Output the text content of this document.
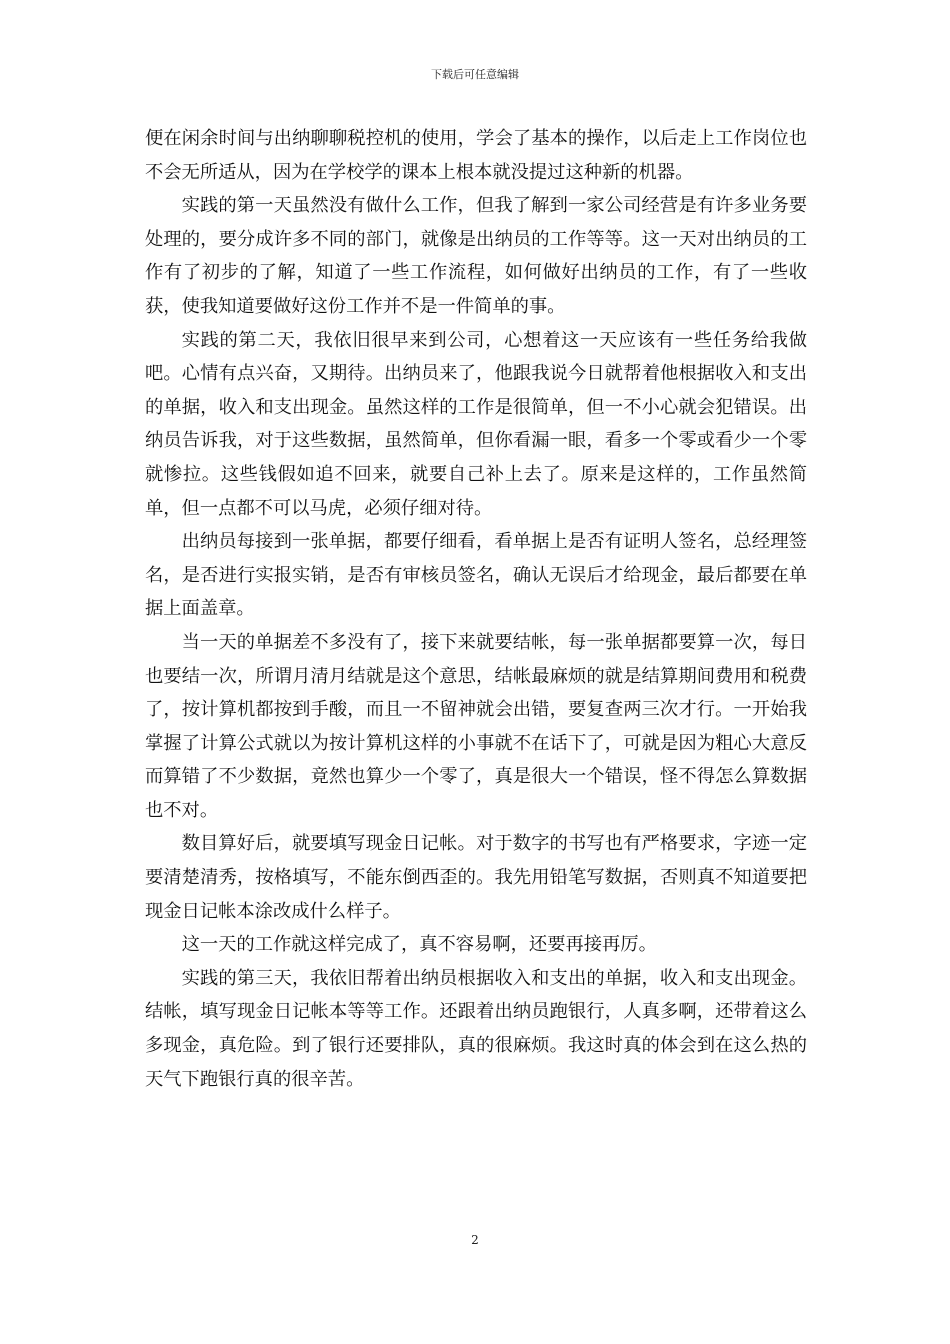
下载后可任意编辑

便在闲余时间与出纳聊聊税控机的使用，学会了基本的操作，以后走上工作岗位也不会无所适从，因为在学校学的课本上根本就没提过这种新的机器。

实践的第一天虽然没有做什么工作，但我了解到一家公司经营是有许多业务要处理的，要分成许多不同的部门，就像是出纳员的工作等等。这一天对出纳员的工作有了初步的了解，知道了一些工作流程，如何做好出纳员的工作，有了一些收获，使我知道要做好这份工作并不是一件简单的事。

实践的第二天，我依旧很早来到公司，心想着这一天应该有一些任务给我做吧。心情有点兴奋，又期待。出纳员来了，他跟我说今日就帮着他根据收入和支出的单据，收入和支出现金。虽然这样的工作是很简单，但一不小心就会犯错误。出纳员告诉我，对于这些数据，虽然简单，但你看漏一眼，看多一个零或看少一个零就惨拉。这些钱假如追不回来，就要自己补上去了。原来是这样的，工作虽然简单，但一点都不可以马虎，必须仔细对待。

出纳员每接到一张单据，都要仔细看，看单据上是否有证明人签名，总经理签名，是否进行实报实销，是否有审核员签名，确认无误后才给现金，最后都要在单据上面盖章。

当一天的单据差不多没有了，接下来就要结帐，每一张单据都要算一次，每日也要结一次，所谓月清月结就是这个意思，结帐最麻烦的就是结算期间费用和税费了，按计算机都按到手酸，而且一不留神就会出错，要复查两三次才行。一开始我掌握了计算公式就以为按计算机这样的小事就不在话下了，可就是因为粗心大意反而算错了不少数据，竟然也算少一个零了，真是很大一个错误，怪不得怎么算数据也不对。

数目算好后，就要填写现金日记帐。对于数字的书写也有严格要求，字迹一定要清楚清秀，按格填写，不能东倒西歪的。我先用铅笔写数据，否则真不知道要把现金日记帐本涂改成什么样子。

这一天的工作就这样完成了，真不容易啊，还要再接再厉。

实践的第三天，我依旧帮着出纳员根据收入和支出的单据，收入和支出现金。结帐，填写现金日记帐本等等工作。还跟着出纳员跑银行，人真多啊，还带着这么多现金，真危险。到了银行还要排队，真的很麻烦。我这时真的体会到在这么热的天气下跑银行真的很辛苦。

2
